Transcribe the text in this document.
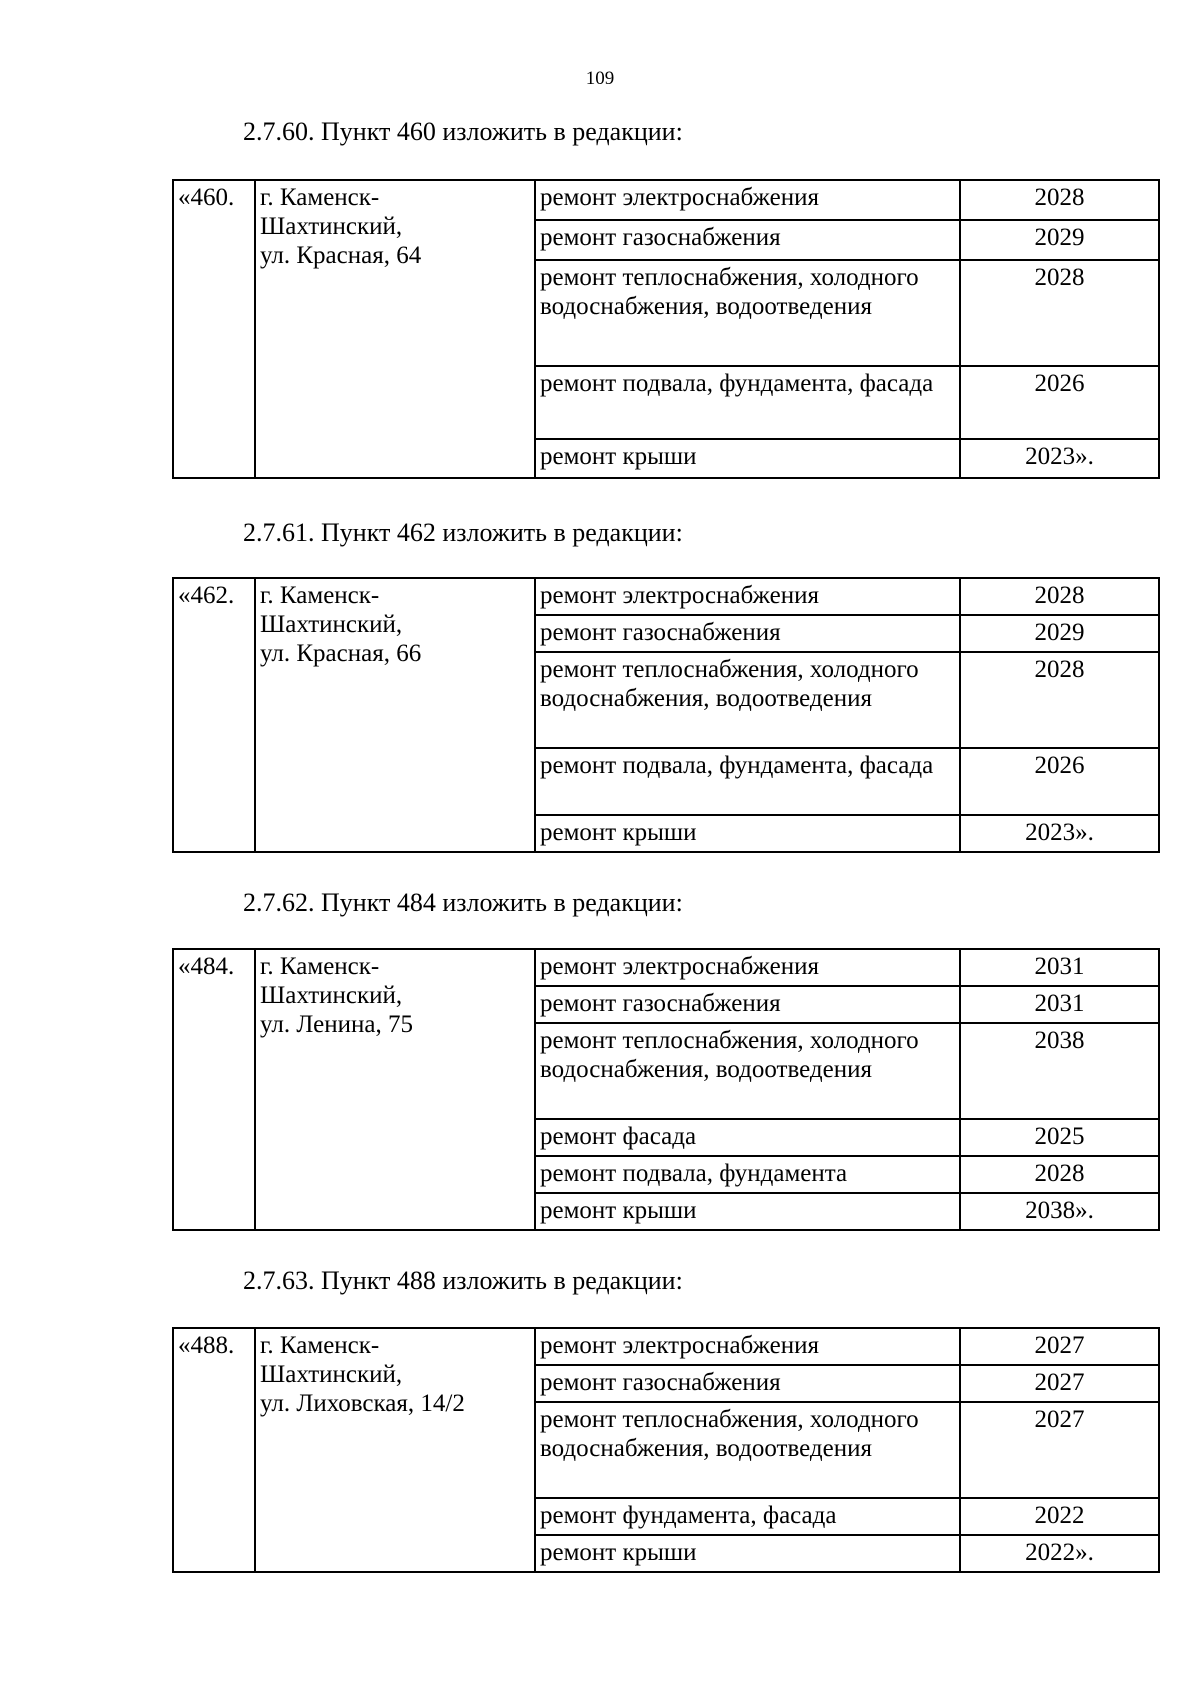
109
2.7.60. Пункт 460 изложить в редакции:
«460.	г. Каменск-
Шахтинский,
ул. Красная, 64	ремонт электроснабжения	2028
		ремонт газоснабжения	2029
		ремонт теплоснабжения, холодного водоснабжения, водоотведения	2028
		ремонт подвала, фундамента, фасада	2026
		ремонт крыши	2023».
2.7.61. Пункт 462 изложить в редакции:
«462.	г. Каменск-
Шахтинский,
ул. Красная, 66	ремонт электроснабжения	2028
		ремонт газоснабжения	2029
		ремонт теплоснабжения, холодного водоснабжения, водоотведения	2028
		ремонт подвала, фундамента, фасада	2026
		ремонт крыши	2023».
2.7.62. Пункт 484 изложить в редакции:
«484.	г. Каменск-
Шахтинский,
ул. Ленина, 75	ремонт электроснабжения	2031
		ремонт газоснабжения	2031
		ремонт теплоснабжения, холодного водоснабжения, водоотведения	2038
		ремонт фасада	2025
		ремонт подвала, фундамента	2028
		ремонт крыши	2038».
2.7.63. Пункт 488 изложить в редакции:
«488.	г. Каменск-
Шахтинский,
ул. Лиховская, 14/2	ремонт электроснабжения	2027
		ремонт газоснабжения	2027
		ремонт теплоснабжения, холодного водоснабжения, водоотведения	2027
		ремонт фундамента, фасада	2022
		ремонт крыши	2022».
